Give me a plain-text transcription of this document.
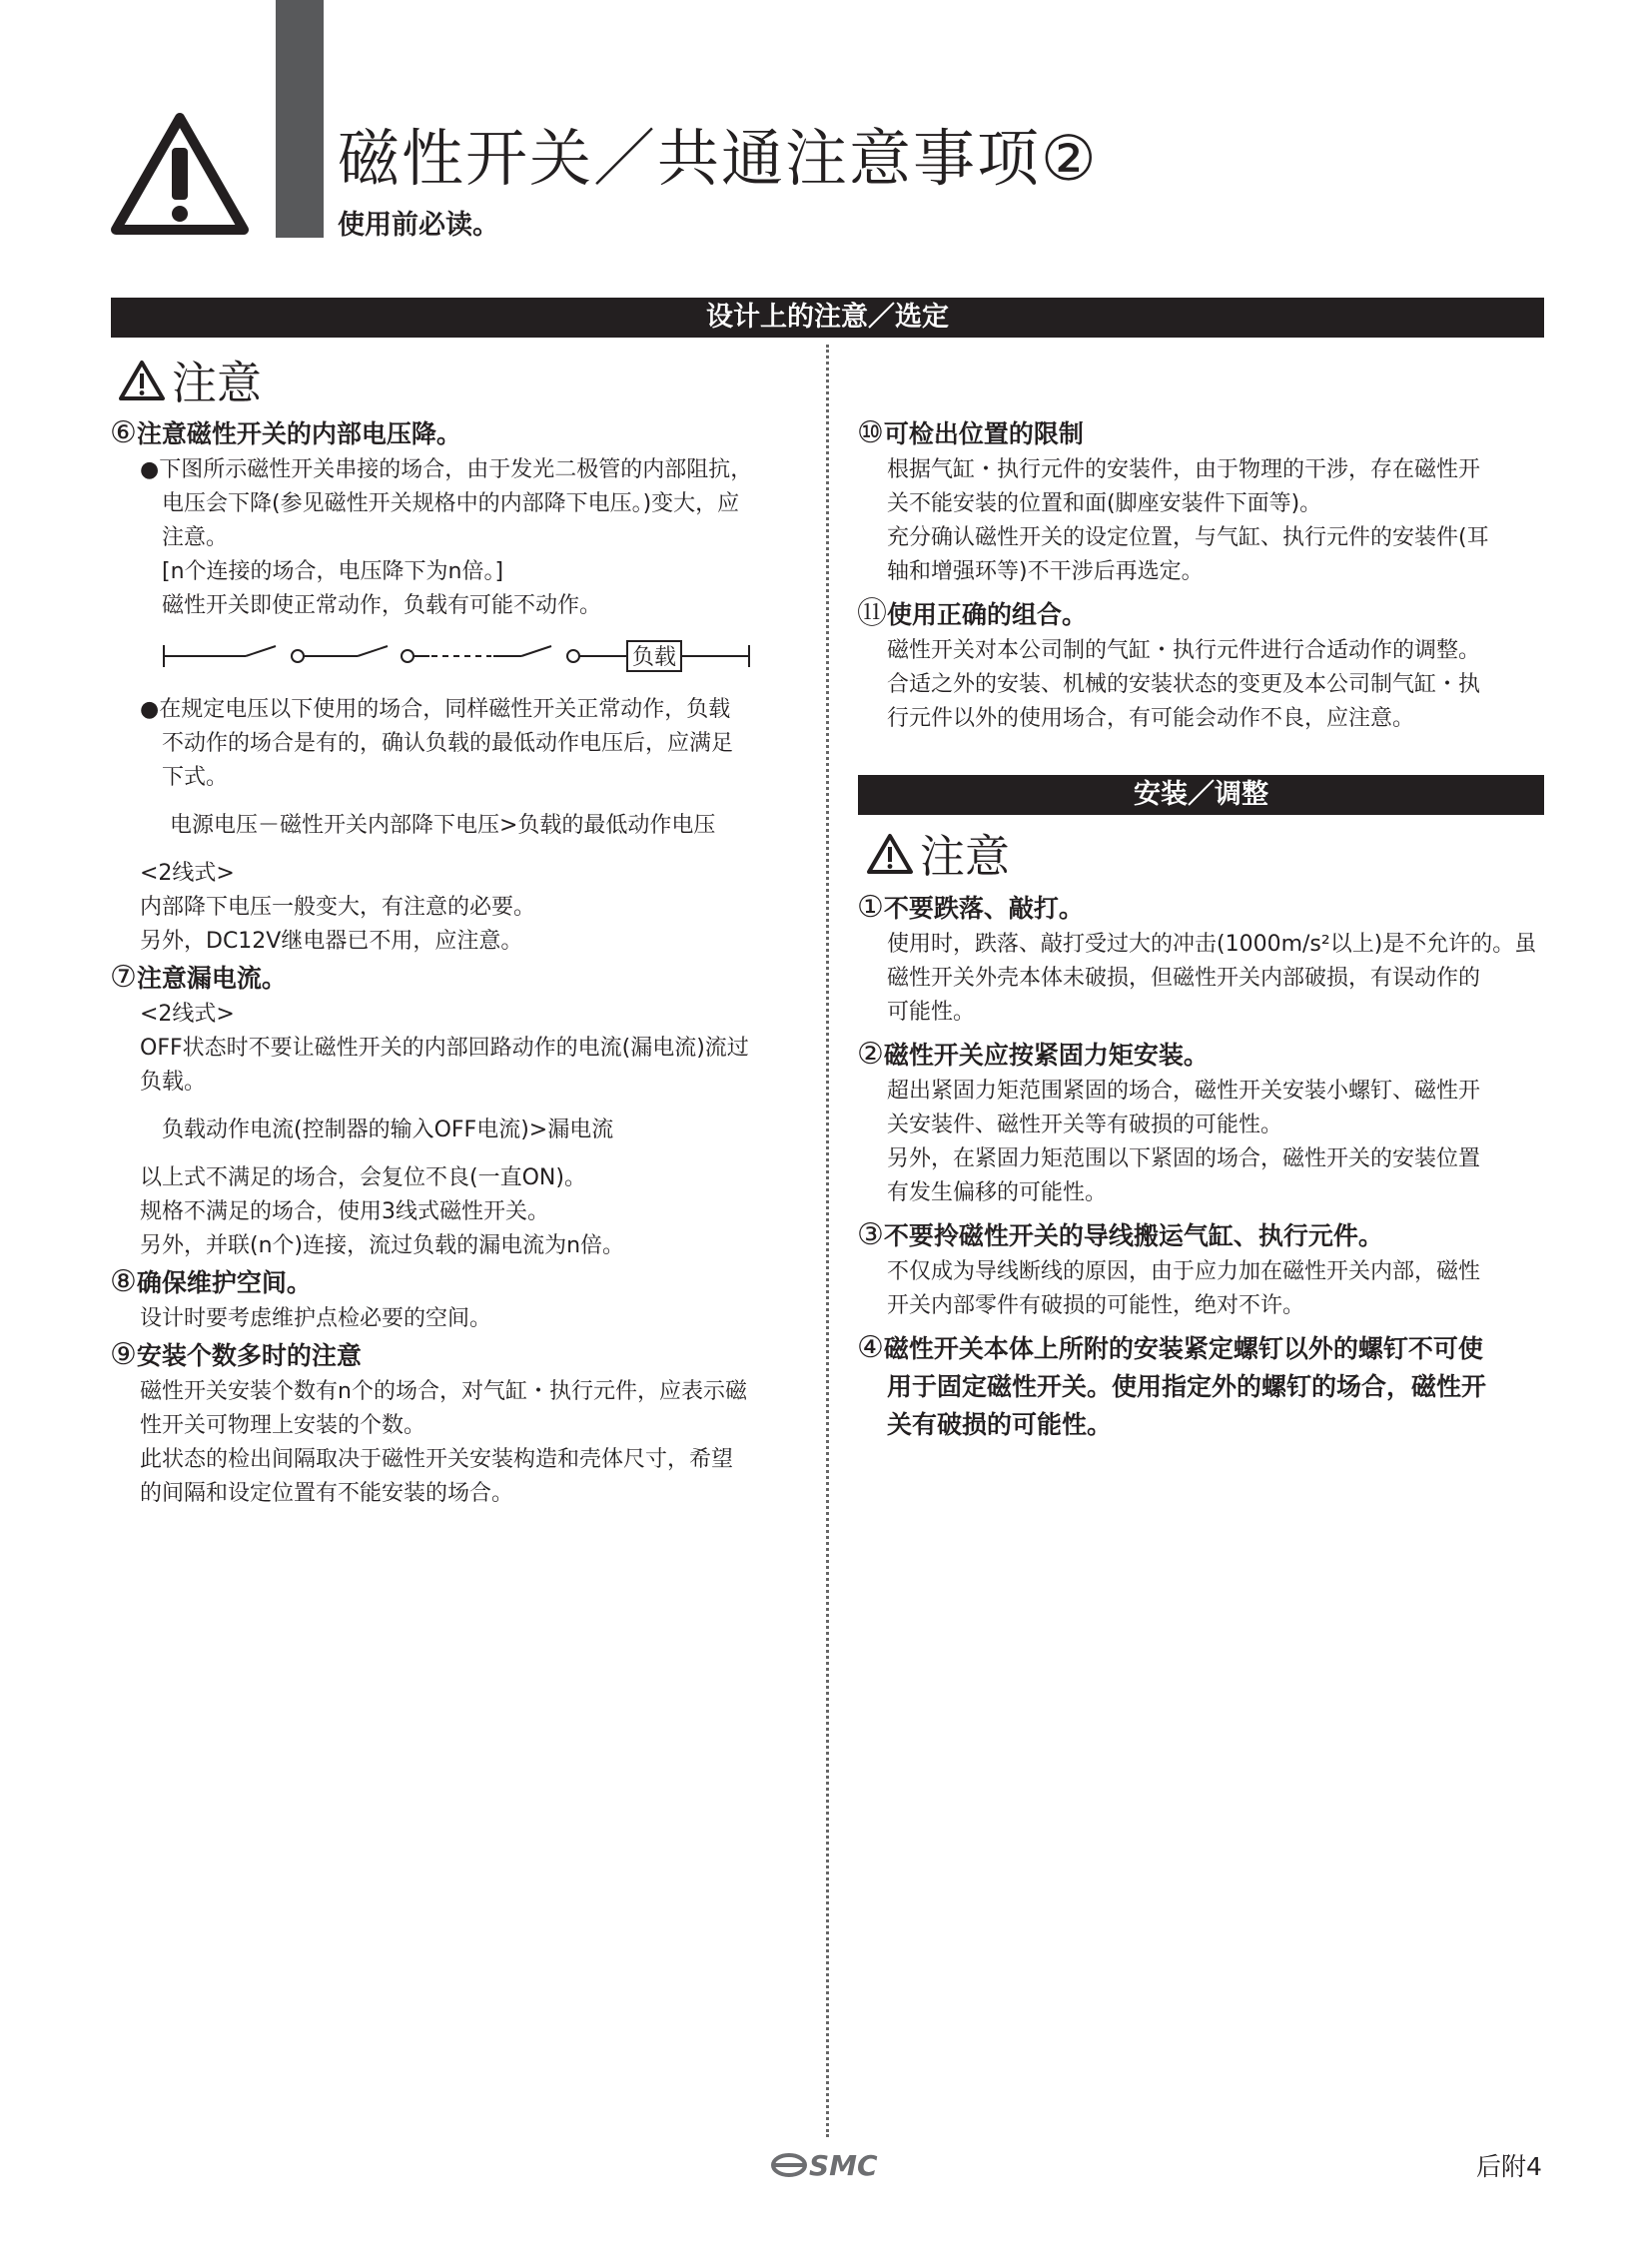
磁性开关／共通注意事项②
使用前必读。
设计上的注意／选定
注意
⑥注意磁性开关的内部电压降。
●下图所示磁性开关串接的场合，由于发光二极管的内部阻抗，
电压会下降(参见磁性开关规格中的内部降下电压。)变大，应
注意。
[n个连接的场合，电压降下为n倍。]
磁性开关即使正常动作，负载有可能不动作。
负载
●在规定电压以下使用的场合，同样磁性开关正常动作，负载
不动作的场合是有的，确认负载的最低动作电压后，应满足
下式。
电源电压－磁性开关内部降下电压>负载的最低动作电压
<2线式>
内部降下电压一般变大，有注意的必要。
另外，DC12V继电器已不用，应注意。
⑦注意漏电流。
<2线式>
OFF状态时不要让磁性开关的内部回路动作的电流(漏电流)流过
负载。
负载动作电流(控制器的输入OFF电流)>漏电流
以上式不满足的场合，会复位不良(一直ON)。
规格不满足的场合，使用3线式磁性开关。
另外，并联(n个)连接，流过负载的漏电流为n倍。
⑧确保维护空间。
设计时要考虑维护点检必要的空间。
⑨安装个数多时的注意
磁性开关安装个数有n个的场合，对气缸・执行元件，应表示磁
性开关可物理上安装的个数。
此状态的检出间隔取决于磁性开关安装构造和壳体尺寸，希望
的间隔和设定位置有不能安装的场合。
⑩可检出位置的限制
根据气缸・执行元件的安装件，由于物理的干涉，存在磁性开
关不能安装的位置和面(脚座安装件下面等)。
充分确认磁性开关的设定位置，与气缸、执行元件的安装件(耳
轴和增强环等)不干涉后再选定。
⑪使用正确的组合。
磁性开关对本公司制的气缸・执行元件进行合适动作的调整。
合适之外的安装、机械的安装状态的变更及本公司制气缸・执
行元件以外的使用场合，有可能会动作不良，应注意。
安装／调整
注意
①不要跌落、敲打。
使用时，跌落、敲打受过大的冲击(1000m/s²以上)是不允许的。虽
磁性开关外壳本体未破损，但磁性开关内部破损，有误动作的
可能性。
②磁性开关应按紧固力矩安装。
超出紧固力矩范围紧固的场合，磁性开关安装小螺钉、磁性开
关安装件、磁性开关等有破损的可能性。
另外，在紧固力矩范围以下紧固的场合，磁性开关的安装位置
有发生偏移的可能性。
③不要拎磁性开关的导线搬运气缸、执行元件。
不仅成为导线断线的原因，由于应力加在磁性开关内部，磁性
开关内部零件有破损的可能性，绝对不许。
④磁性开关本体上所附的安装紧定螺钉以外的螺钉不可使
用于固定磁性开关。使用指定外的螺钉的场合，磁性开
关有破损的可能性。
SMC	后附4
